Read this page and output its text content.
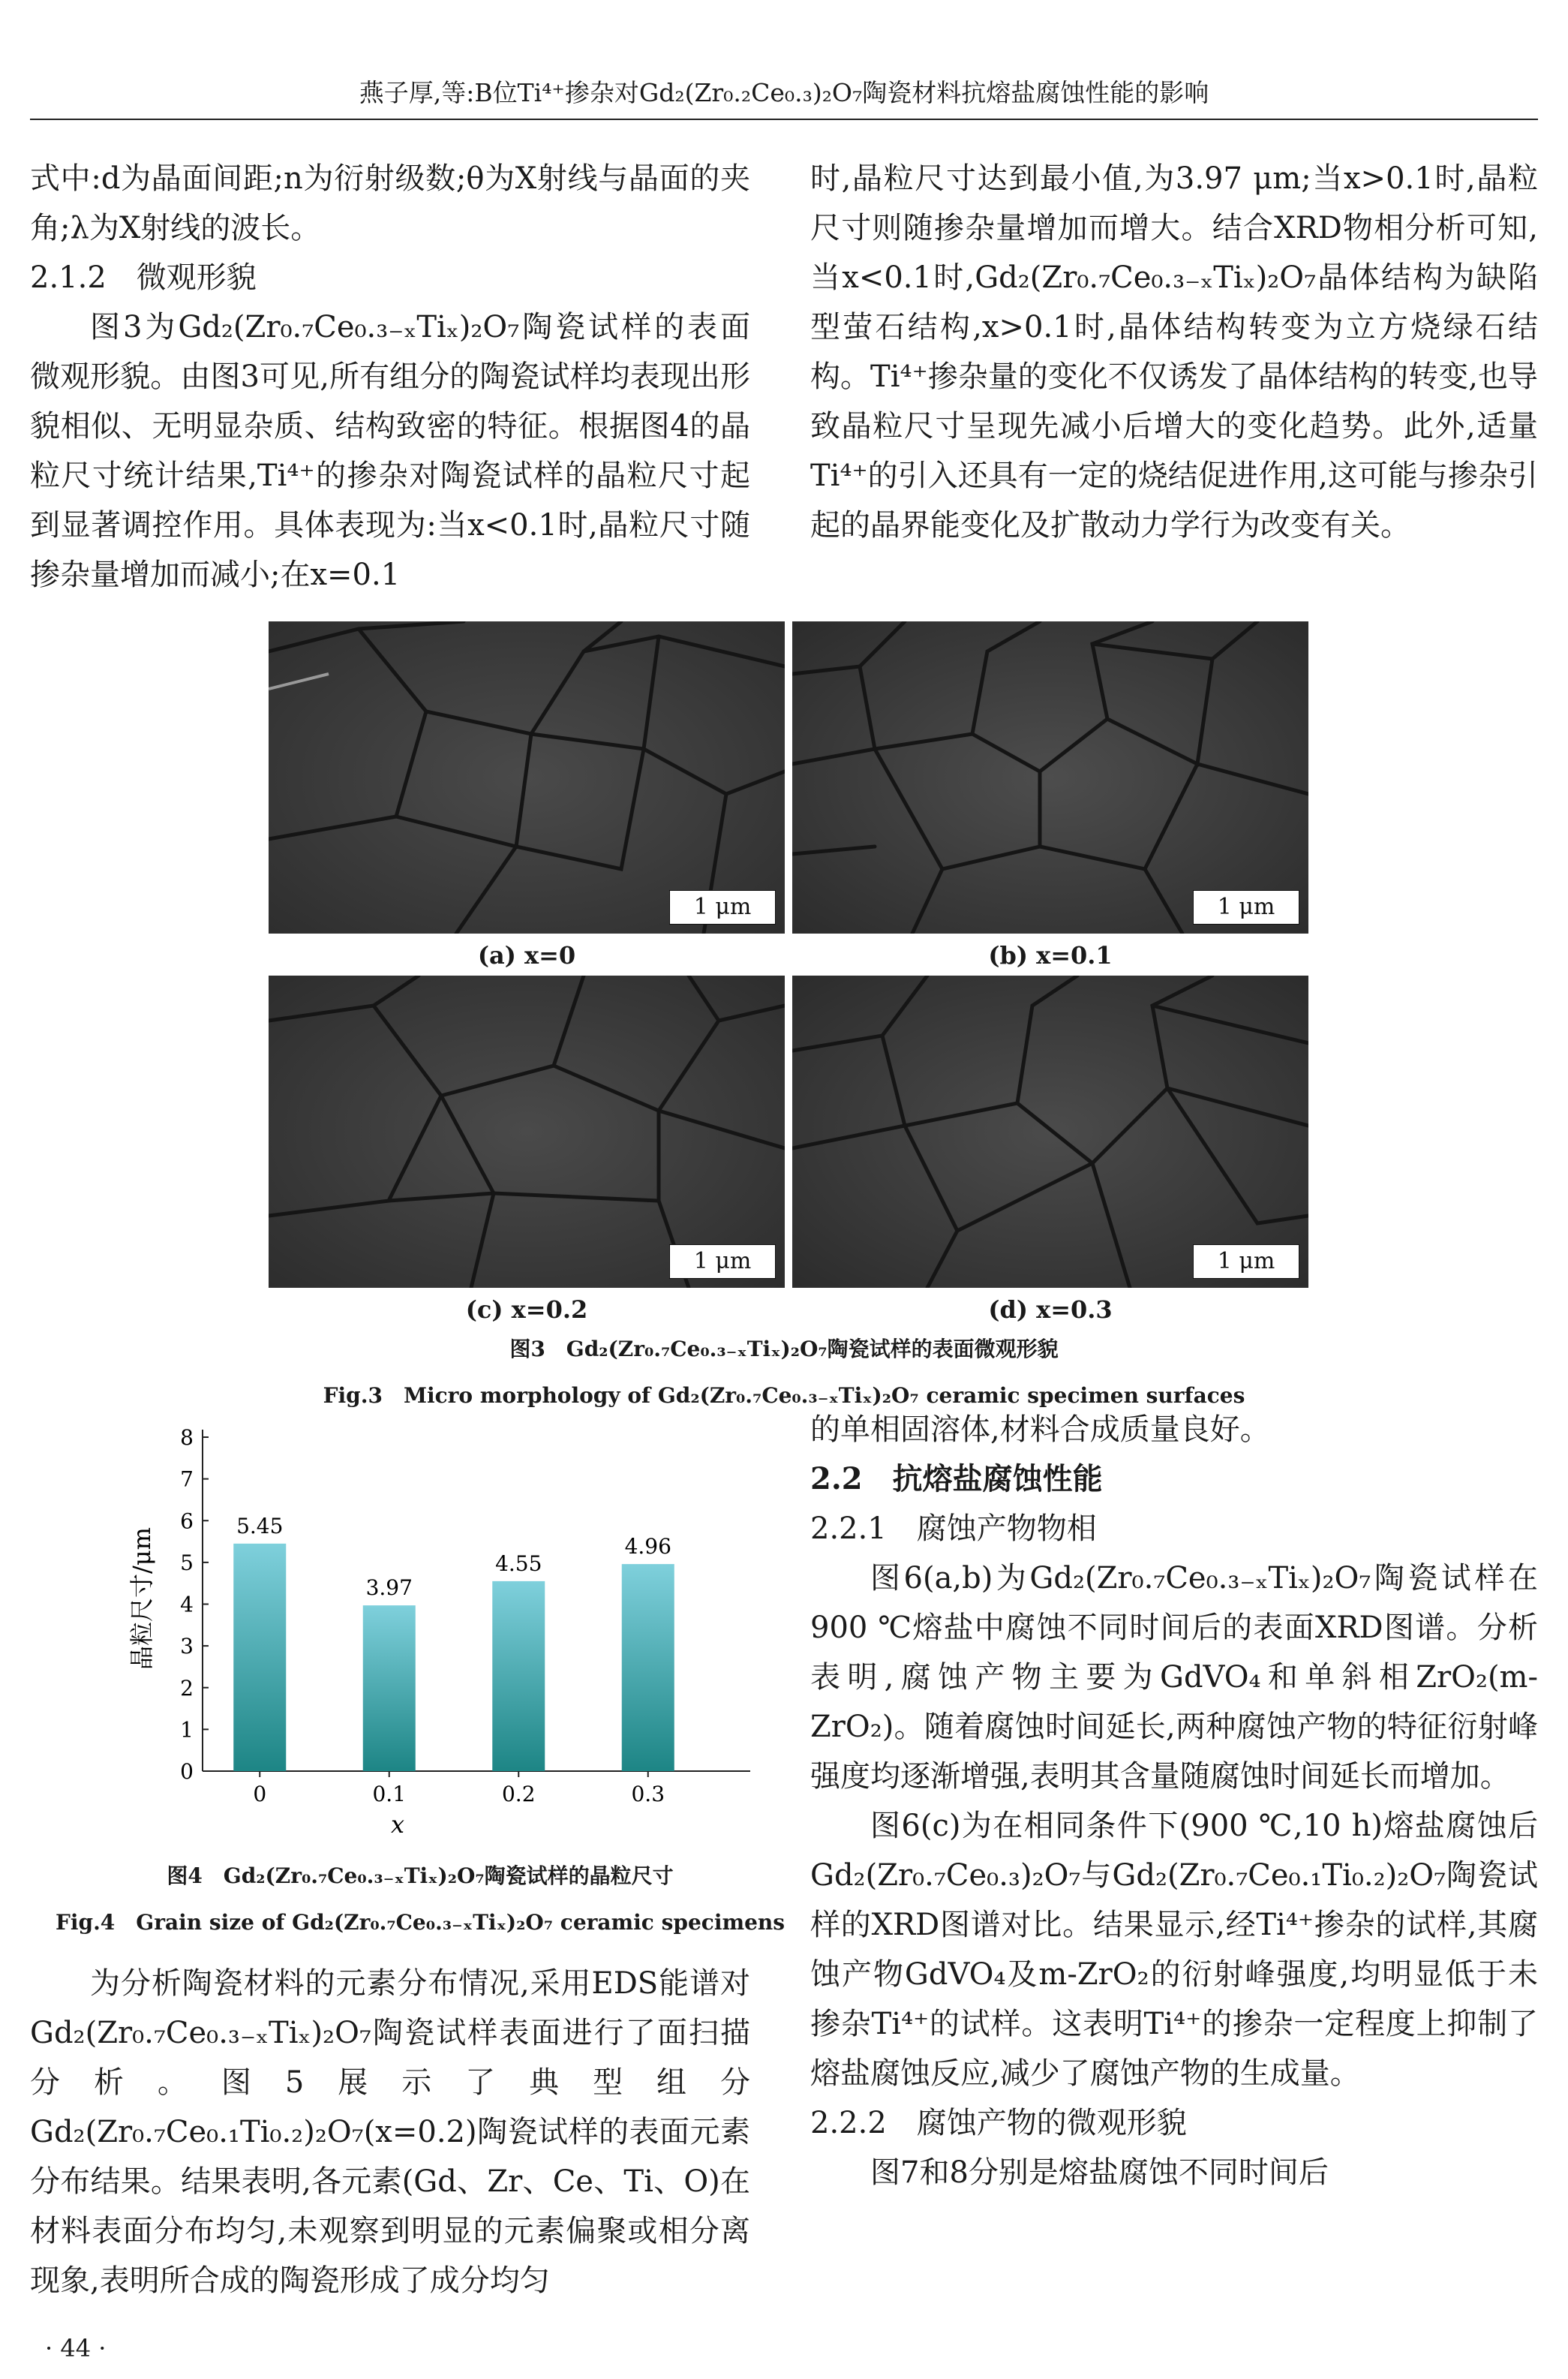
燕子厚,等:B位Ti⁴⁺掺杂对Gd₂(Zr₀.₂Ce₀.₃)₂O₇陶瓷材料抗熔盐腐蚀性能的影响

式中:d为晶面间距;n为衍射级数;θ为X射线与晶面的夹角;λ为X射线的波长。

2.1.2　微观形貌

图3为Gd₂(Zr₀.₇Ce₀.₃₋ₓTiₓ)₂O₇陶瓷试样的表面微观形貌。由图3可见,所有组分的陶瓷试样均表现出形貌相似、无明显杂质、结构致密的特征。根据图4的晶粒尺寸统计结果,Ti⁴⁺的掺杂对陶瓷试样的晶粒尺寸起到显著调控作用。具体表现为:当x<0.1时,晶粒尺寸随掺杂量增加而减小;在x=0.1

时,晶粒尺寸达到最小值,为3.97 μm;当x>0.1时,晶粒尺寸则随掺杂量增加而增大。结合XRD物相分析可知,当x<0.1时,Gd₂(Zr₀.₇Ce₀.₃₋ₓTiₓ)₂O₇晶体结构为缺陷型萤石结构,x>0.1时,晶体结构转变为立方烧绿石结构。Ti⁴⁺掺杂量的变化不仅诱发了晶体结构的转变,也导致晶粒尺寸呈现先减小后增大的变化趋势。此外,适量Ti⁴⁺的引入还具有一定的烧结促进作用,这可能与掺杂引起的晶界能变化及扩散动力学行为改变有关。

1 μm	1 μm
(a) x=0	(b) x=0.1
1 μm	1 μm
(c) x=0.2	(d) x=0.3
图3　Gd₂(Zr₀.₇Ce₀.₃₋ₓTiₓ)₂O₇陶瓷试样的表面微观形貌
Fig.3　Micro morphology of Gd₂(Zr₀.₇Ce₀.₃₋ₓTiₓ)₂O₇ ceramic specimen surfaces
晶粒尺寸/μm
x
0
1
2
3
4
5
6
7
8
5.45
0
3.97
0.1
4.55
0.2
4.96
0.3
图4　Gd₂(Zr₀.₇Ce₀.₃₋ₓTiₓ)₂O₇陶瓷试样的晶粒尺寸
Fig.4　Grain size of Gd₂(Zr₀.₇Ce₀.₃₋ₓTiₓ)₂O₇ ceramic specimens

的单相固溶体,材料合成质量良好。

2.2　抗熔盐腐蚀性能

2.2.1　腐蚀产物物相

图6(a,b)为Gd₂(Zr₀.₇Ce₀.₃₋ₓTiₓ)₂O₇陶瓷试样在900 ℃熔盐中腐蚀不同时间后的表面XRD图谱。分析表明,腐蚀产物主要为GdVO₄和单斜相ZrO₂(m-ZrO₂)。随着腐蚀时间延长,两种腐蚀产物的特征衍射峰强度均逐渐增强,表明其含量随腐蚀时间延长而增加。

图6(c)为在相同条件下(900 ℃,10 h)熔盐腐蚀后Gd₂(Zr₀.₇Ce₀.₃)₂O₇与Gd₂(Zr₀.₇Ce₀.₁Ti₀.₂)₂O₇陶瓷试样的XRD图谱对比。结果显示,经Ti⁴⁺掺杂的试样,其腐蚀产物GdVO₄及m-ZrO₂的衍射峰强度,均明显低于未掺杂Ti⁴⁺的试样。这表明Ti⁴⁺的掺杂一定程度上抑制了熔盐腐蚀反应,减少了腐蚀产物的生成量。

2.2.2　腐蚀产物的微观形貌

图7和8分别是熔盐腐蚀不同时间后

为分析陶瓷材料的元素分布情况,采用EDS能谱对Gd₂(Zr₀.₇Ce₀.₃₋ₓTiₓ)₂O₇陶瓷试样表面进行了面扫描分析。图5展示了典型组分Gd₂(Zr₀.₇Ce₀.₁Ti₀.₂)₂O₇(x=0.2)陶瓷试样的表面元素分布结果。结果表明,各元素(Gd、Zr、Ce、Ti、O)在材料表面分布均匀,未观察到明显的元素偏聚或相分离现象,表明所合成的陶瓷形成了成分均匀

· 44 ·
